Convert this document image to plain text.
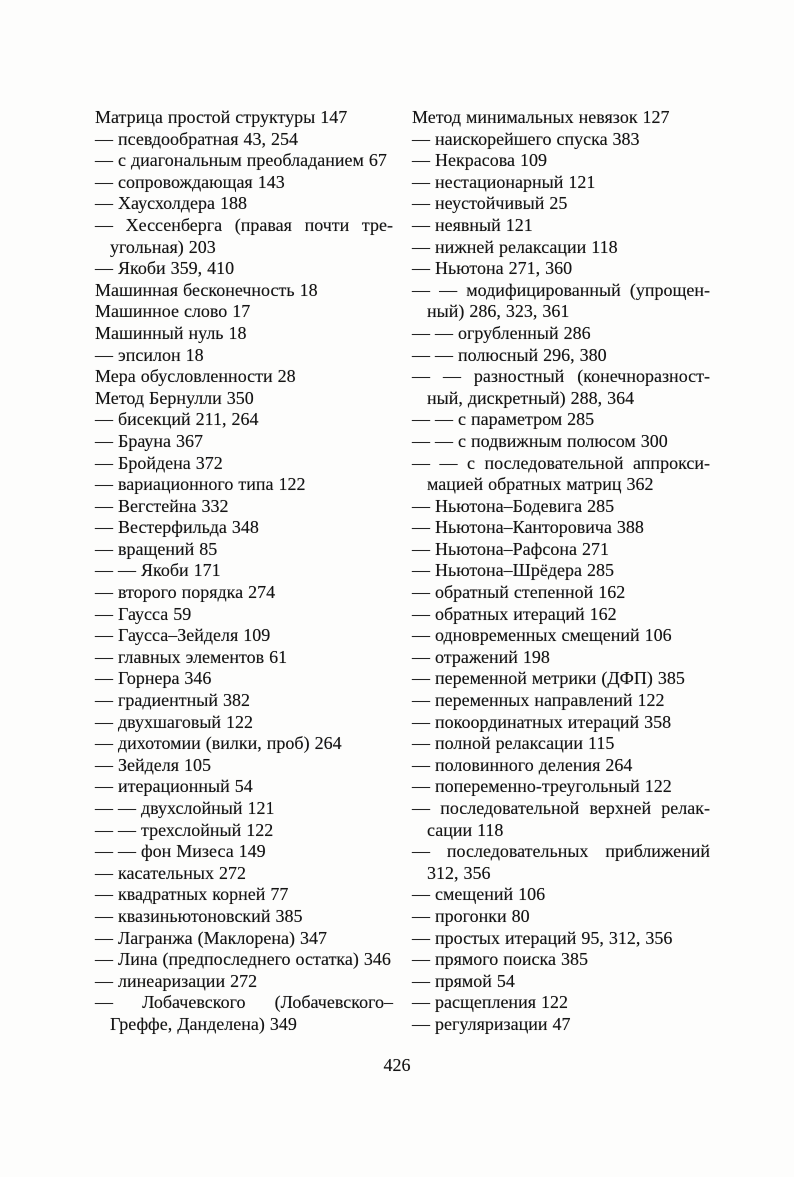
Матрица простой структуры 147

— псевдообратная 43, 254

— с диагональным преобладанием 67

— сопровождающая 143

— Хаусхолдера 188

— Хессенберга (правая почти треугольная) 203

— Якоби 359, 410

Машинная бесконечность 18

Машинное слово 17

Машинный нуль 18

— эпсилон 18

Мера обусловленности 28

Метод Бернулли 350

— бисекций 211, 264

— Брауна 367

— Бройдена 372

— вариационного типа 122

— Вегстейна 332

— Вестерфильда 348

— вращений 85

— — Якоби 171

— второго порядка 274

— Гаусса 59

— Гаусса–Зейделя 109

— главных элементов 61

— Горнера 346

— градиентный 382

— двухшаговый 122

— дихотомии (вилки, проб) 264

— Зейделя 105

— итерационный 54

— — двухслойный 121

— — трехслойный 122

— — фон Мизеса 149

— касательных 272

— квадратных корней 77

— квазиньютоновский 385

— Лагранжа (Маклорена) 347

— Лина (предпоследнего остатка) 346

— линеаризации 272

— Лобачевского (Лобачевского–Греффе, Данделена) 349

Метод минимальных невязок 127

— наискорейшего спуска 383

— Некрасова 109

— нестационарный 121

— неустойчивый 25

— неявный 121

— нижней релаксации 118

— Ньютона 271, 360

— — модифицированный (упрощенный) 286, 323, 361

— — огрубленный 286

— — полюсный 296, 380

— — разностный (конечноразностный, дискретный) 288, 364

— — с параметром 285

— — с подвижным полюсом 300

— — с последовательной аппроксимацией обратных матриц 362

— Ньютона–Бодевига 285

— Ньютона–Канторовича 388

— Ньютона–Рафсона 271

— Ньютона–Шрёдера 285

— обратный степенной 162

— обратных итераций 162

— одновременных смещений 106

— отражений 198

— переменной метрики (ДФП) 385

— переменных направлений 122

— покоординатных итераций 358

— полной релаксации 115

— половинного деления 264

— попеременно-треугольный 122

— последовательной верхней релаксации 118

— последовательных приближений 312, 356

— смещений 106

— прогонки 80

— простых итераций 95, 312, 356

— прямого поиска 385

— прямой 54

— расщепления 122

— регуляризации 47

426
